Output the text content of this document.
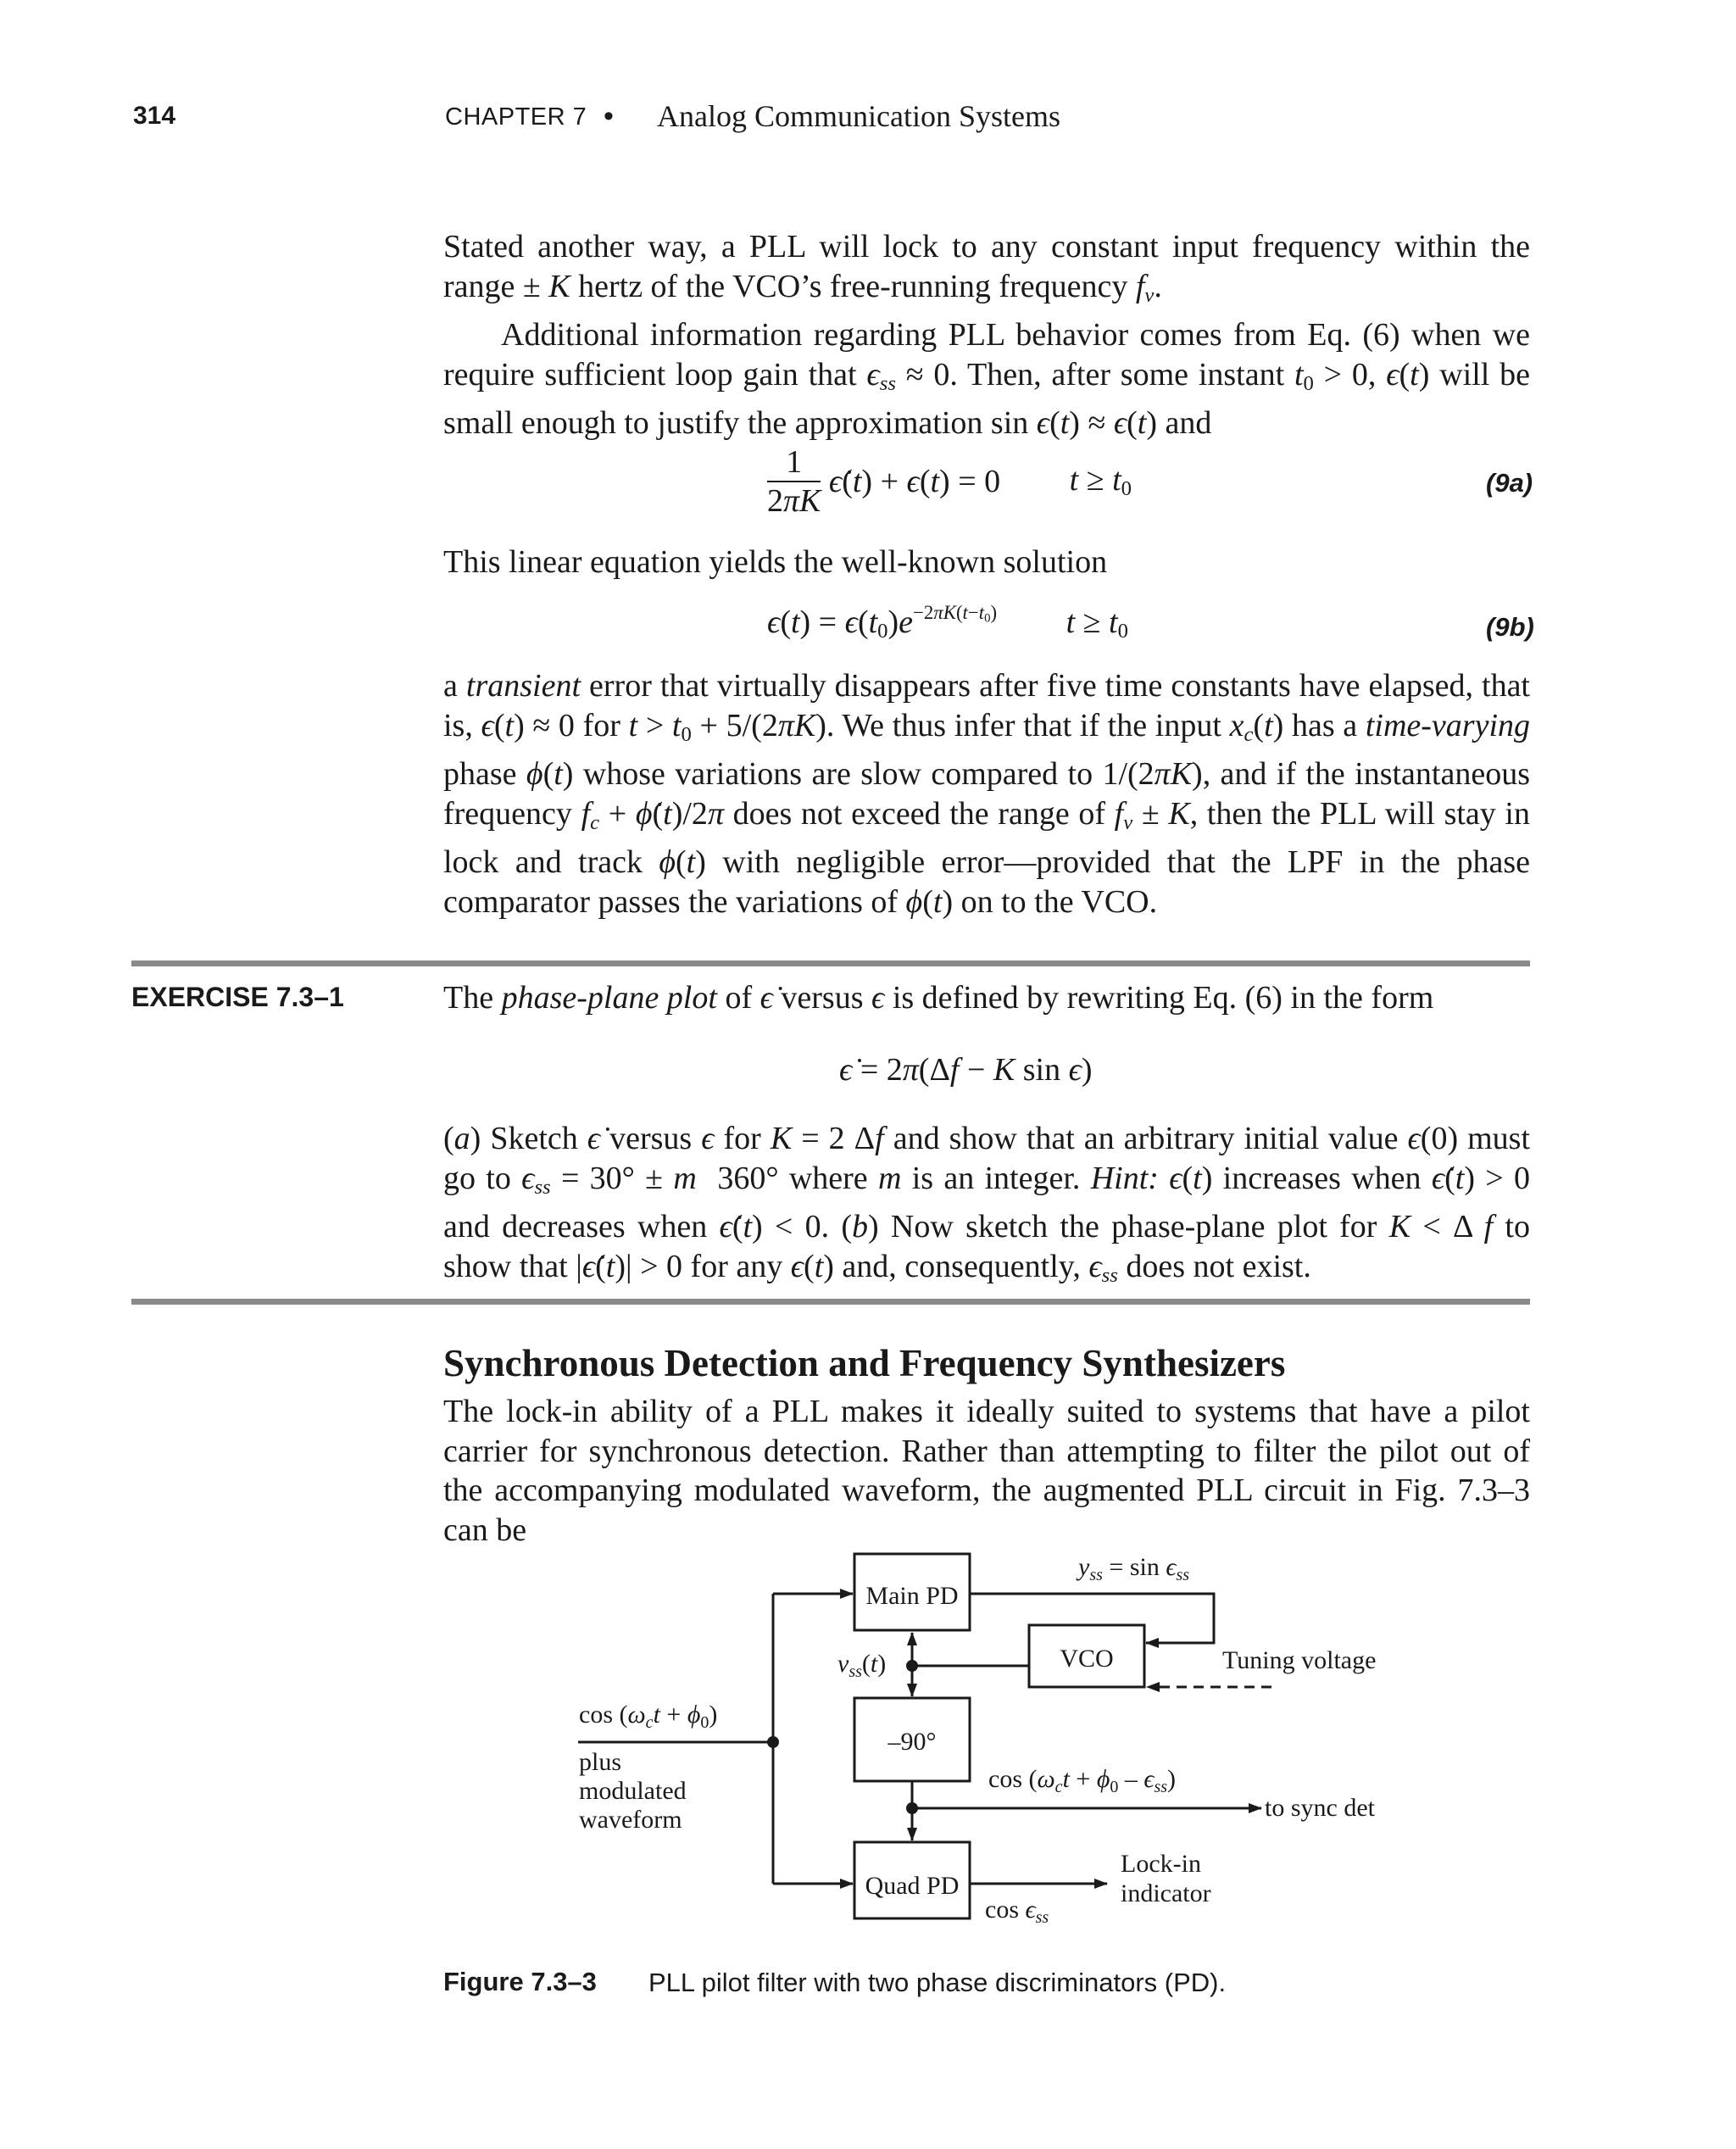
314	CHAPTER 7 • Analog Communication Systems

Stated another way, a PLL will lock to any constant input frequency within the range ± K hertz of the VCO’s free-running frequency $f_v$.

Additional information regarding PLL behavior comes from Eq. (6) when we require sufficient loop gain that $\epsilon_{ss} \approx 0$. Then, after some instant $t_0 > 0$, ϵ(t) will be small enough to justify the approximation sin ϵ(t) ≈ ϵ(t) and

$\frac{1}{2\pi K}$ ϵ̇(t) + ϵ(t) = 0 $t \ge t_0$	(9a)
This linear equation yields the well-known solution
$\epsilon(t) = \epsilon(t_0)e^{-2\pi K(t-t_0)}$ $t \ge t_0$	(9b)

a transient error that virtually disappears after five time constants have elapsed, that is, ϵ(t) ≈ 0 for $t > t_0 + 5/(2\pi K)$. We thus infer that if the input $x_c(t)$ has a time-varying phase ϕ(t) whose variations are slow compared to 1/(2πK), and if the instantaneous frequency $f_c$ + ϕ̇(t)/2π does not exceed the range of $f_v \pm K$, then the PLL will stay in lock and track ϕ(t) with negligible error—provided that the LPF in the phase comparator passes the variations of ϕ(t) on to the VCO.

EXERCISE 7.3–1	The phase-plane plot of ϵ̇ versus ϵ is defined by rewriting Eq. (6) in the form

ϵ̇ = 2π(Δf − K sin ϵ)

(a) Sketch ϵ̇ versus ϵ for K = 2 Δf and show that an arbitrary initial value ϵ(0) must go to $\epsilon_{ss} = 30^\circ \pm m$  360° where m is an integer. Hint: ϵ(t) increases when ϵ̇(t) > 0 and decreases when ϵ̇(t) < 0. (b) Now sketch the phase-plane plot for K < Δ f to show that |ϵ̇(t)| > 0 for any ϵ(t) and, consequently, $\epsilon_{ss}$ does not exist.

Synchronous Detection and Frequency Synthesizers
The lock-in ability of a PLL makes it ideally suited to systems that have a pilot carrier for synchronous detection. Rather than attempting to filter the pilot out of the accompanying modulated waveform, the augmented PLL circuit in Fig. 7.3–3 can be
Main PD
VCO
–90°
Quad PD
$y_{ss} = \sin \epsilon_{ss}$
$v_{ss}(t)$	Tuning voltage
$\cos (\omega_ct + \phi_0)$
plus
modulated
waveform
$\cos (\omega_ct + \phi_0 - \epsilon_{ss})$
to sync det
Lock-in
indicator
$\cos \epsilon_{ss}$
Figure 7.3–3 PLL pilot filter with two phase discriminators (PD).
